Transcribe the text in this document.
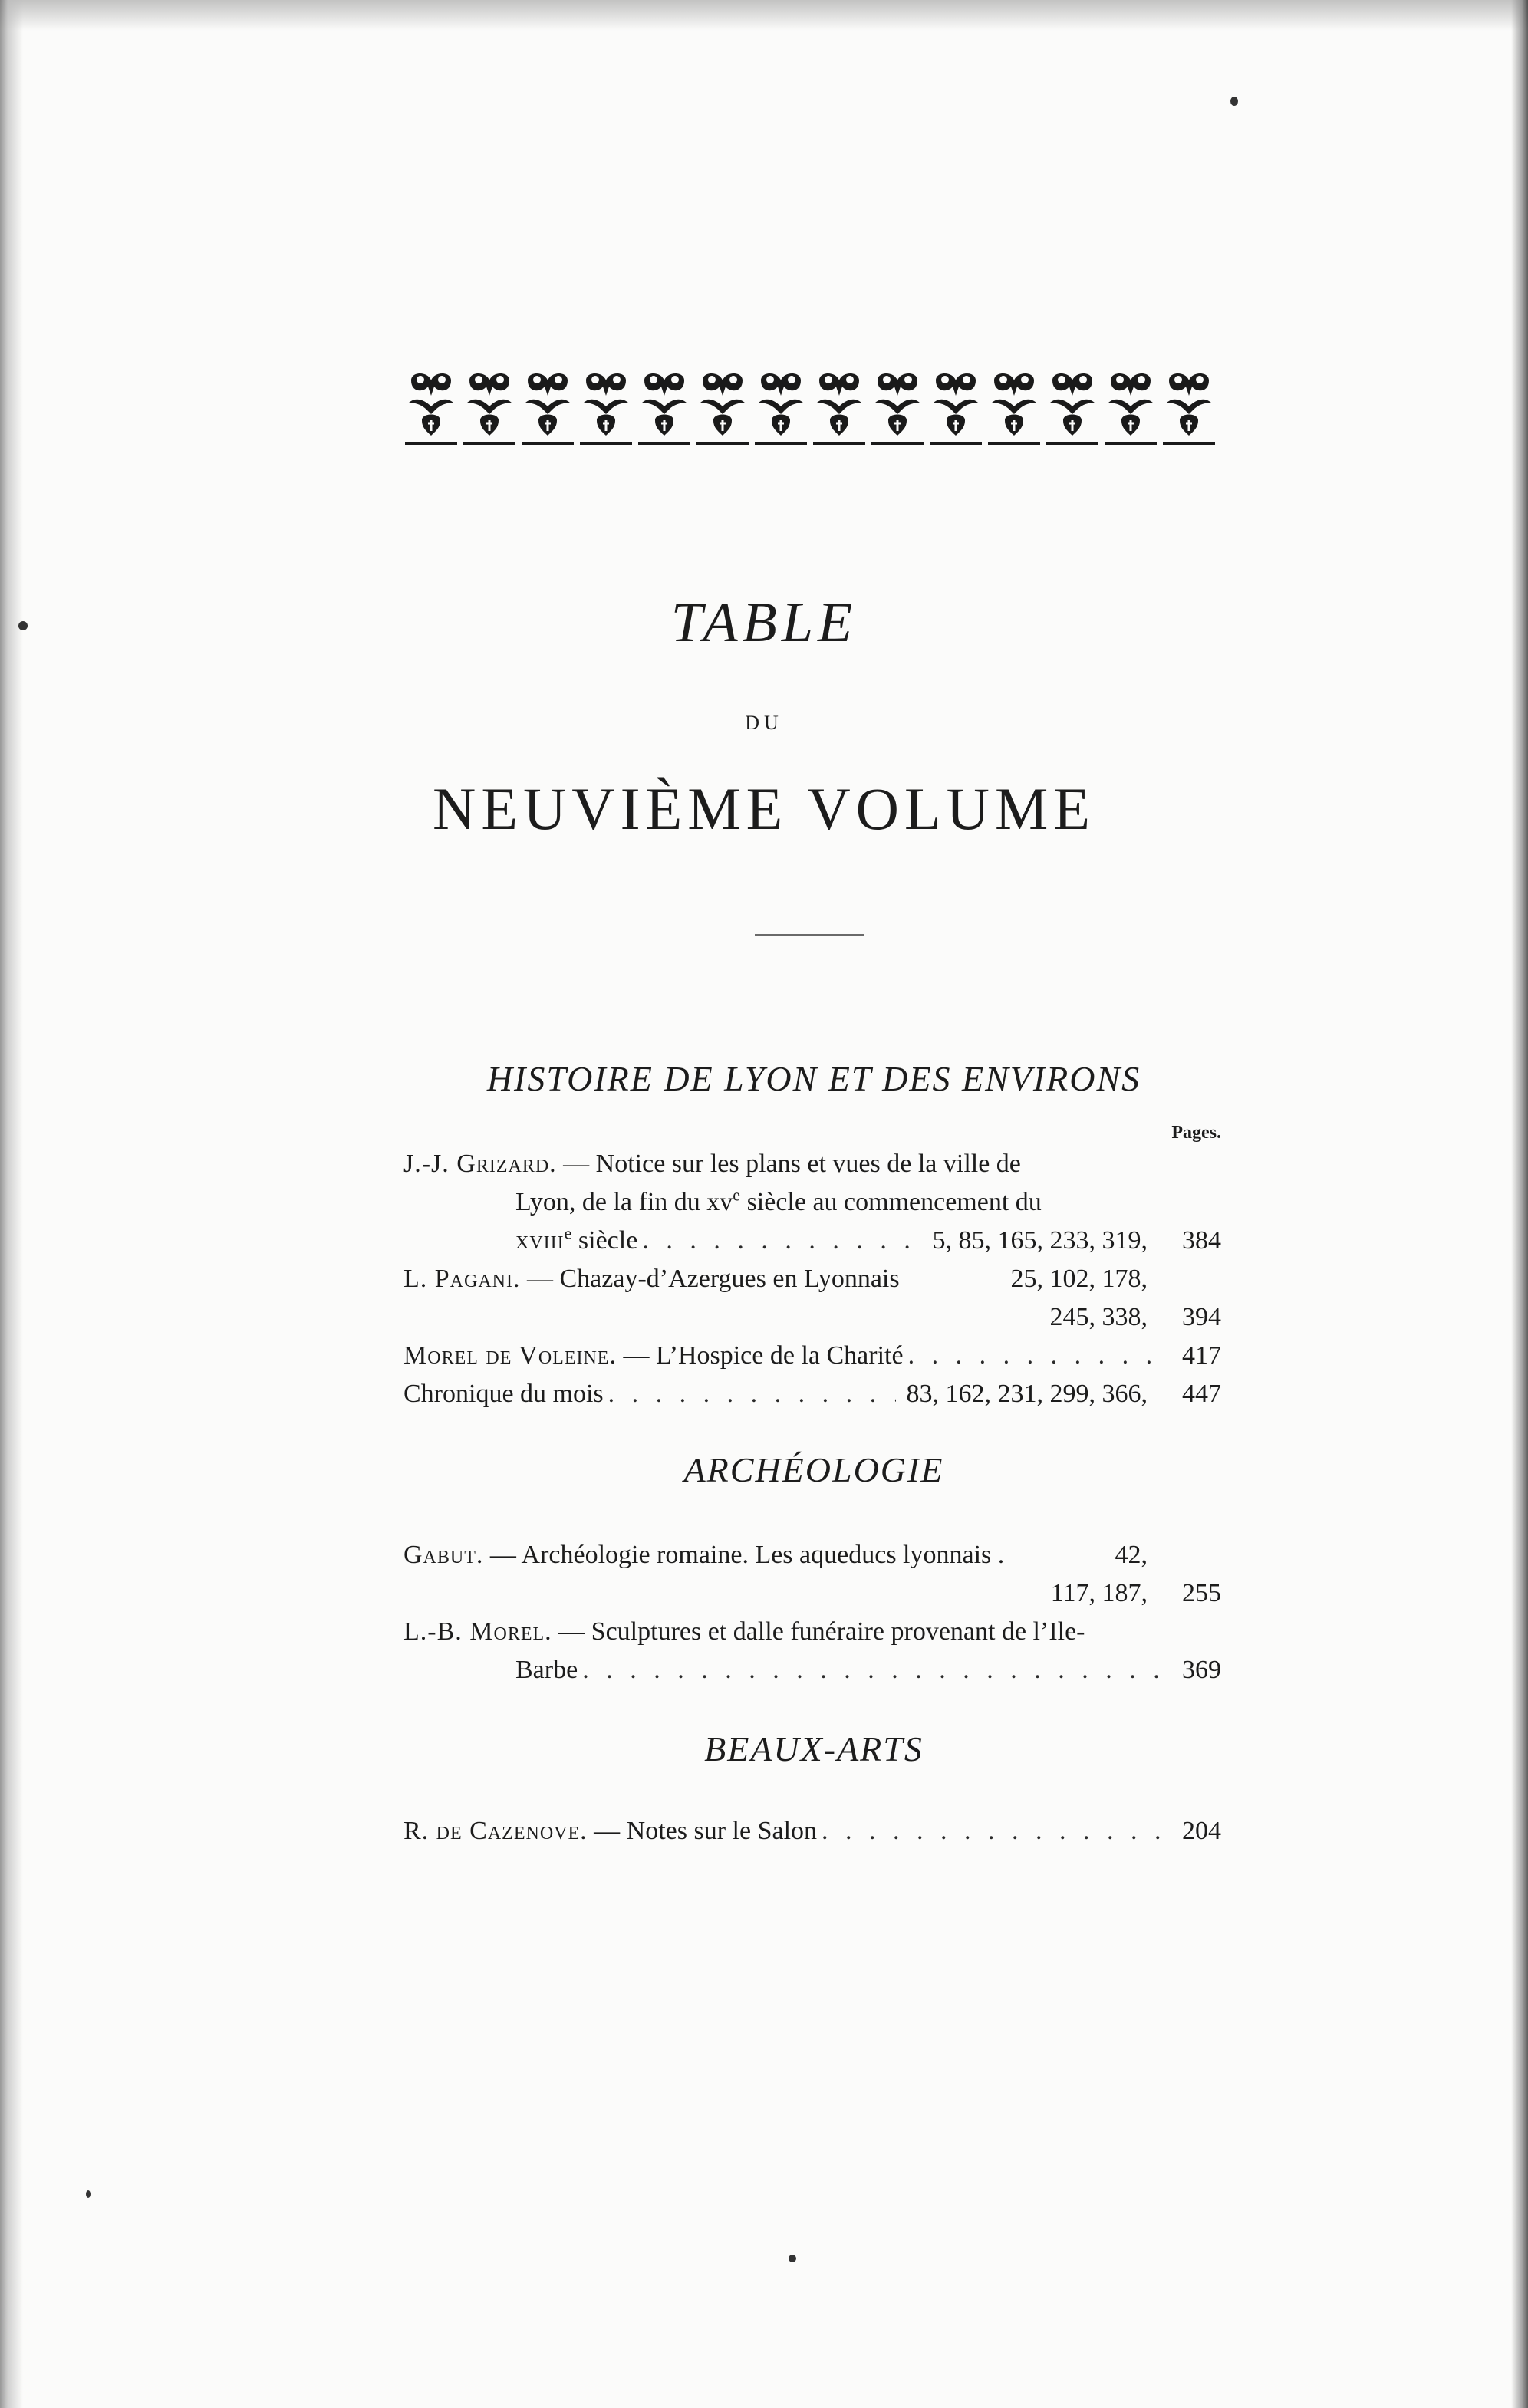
TABLE
DU
NEUVIÈME VOLUME
HISTOIRE DE LYON ET DES ENVIRONS
Pages.
J.-J. Grizard. — Notice sur les plans et vues de la ville de
Lyon, de la fin du $xv^e$ siècle au commencement du
xviii$^e$ siècle . . .	5, 85, 165, 233, 319, 384
L. Pagani. — Chazay-d’Azergues en Lyonnais	25, 102, 178,
245, 338, 394
Morel de Voleine. — L’Hospice de la Charité . . .	417
Chronique du mois . . .	83, 162, 231, 299, 366, 447
ARCHÉOLOGIE
Gabut. — Archéologie romaine. Les aqueducs lyonnais .	42,
117, 187, 255
L.-B. Morel. — Sculptures et dalle funéraire provenant de l’Ile-
Barbe . . .	369
BEAUX-ARTS
R. de Cazenove. — Notes sur le Salon . . .	204
